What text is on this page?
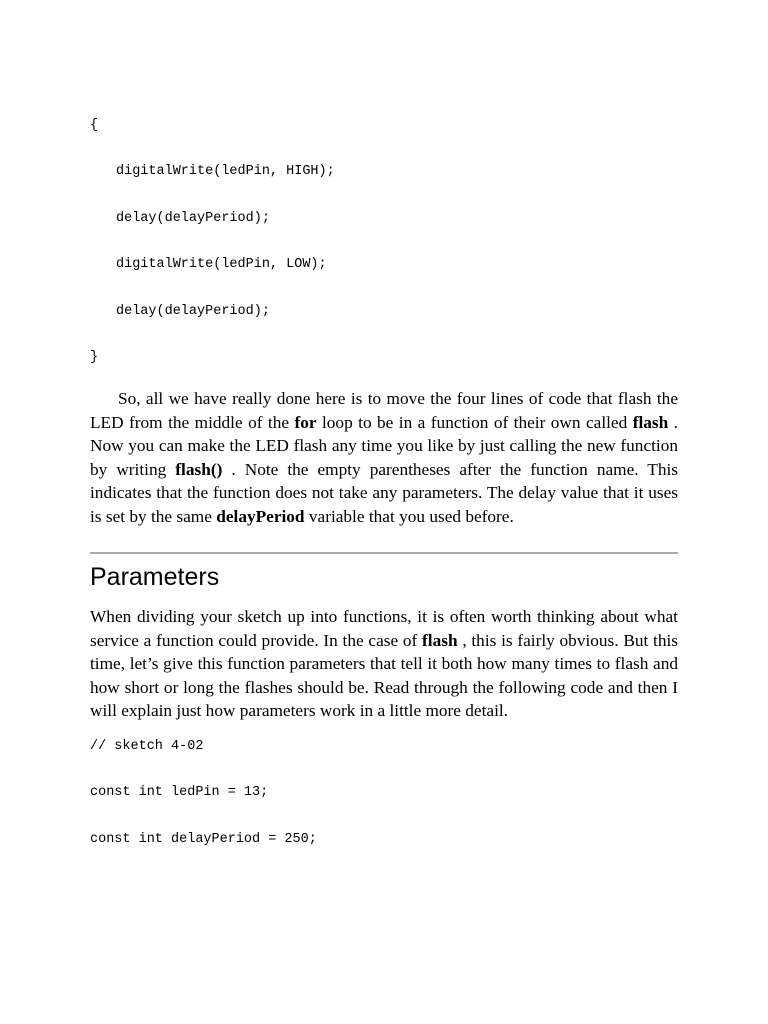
{

digitalWrite(ledPin, HIGH);

delay(delayPeriod);

digitalWrite(ledPin, LOW);

delay(delayPeriod);

}

So, all we have really done here is to move the four lines of code that flash the LED from the middle of the for loop to be in a function of their own called flash . Now you can make the LED flash any time you like by just calling the new function by writing flash() . Note the empty parentheses after the function name. This indicates that the function does not take any parameters. The delay value that it uses is set by the same delayPeriod variable that you used before.

Parameters

When dividing your sketch up into functions, it is often worth thinking about what service a function could provide. In the case of flash , this is fairly obvious. But this time, let’s give this function parameters that tell it both how many times to flash and how short or long the flashes should be. Read through the following code and then I will explain just how parameters work in a little more detail.

// sketch 4-02

const int ledPin = 13;

const int delayPeriod = 250;
